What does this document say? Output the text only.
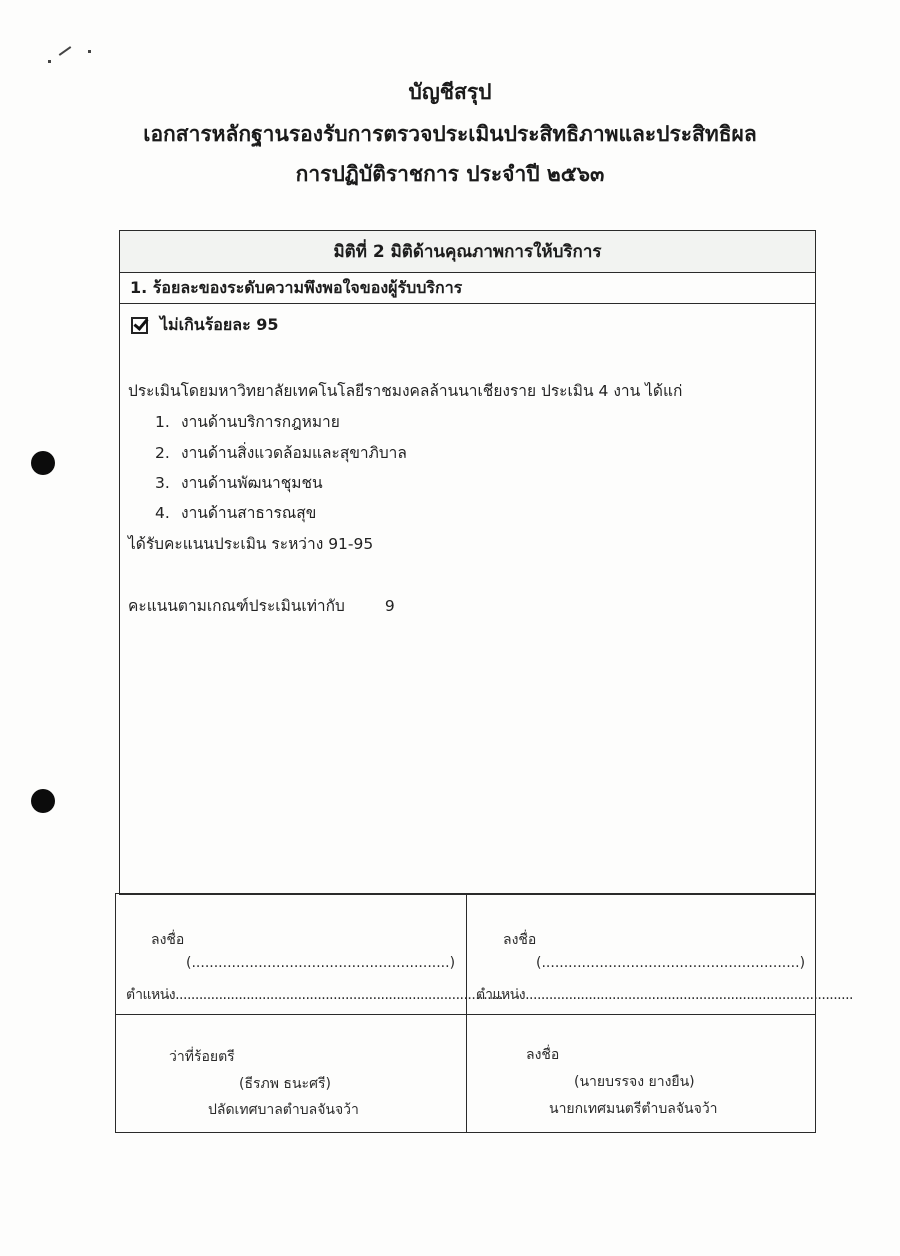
บัญชีสรุป
เอกสารหลักฐานรองรับการตรวจประเมินประสิทธิภาพและประสิทธิผล
การปฏิบัติราชการ ประจำปี ๒๕๖๓
มิติที่ 2 มิติด้านคุณภาพการให้บริการ
1. ร้อยละของระดับความพึงพอใจของผู้รับบริการ
ไม่เกินร้อยละ 95
ประเมินโดยมหาวิทยาลัยเทคโนโลยีราชมงคลล้านนาเชียงราย ประเมิน 4 งาน ได้แก่
1. งานด้านบริการกฎหมาย
2. งานด้านสิ่งแวดล้อมและสุขาภิบาล
3. งานด้านพัฒนาชุมชน
4. งานด้านสาธารณสุข
ได้รับคะแนนประเมิน ระหว่าง 91-95
คะแนนตามเกณฑ์ประเมินเท่ากับ	9
ลงชื่อ
(..........................................................)
ตำแหน่ง...................................................................................
ลงชื่อ
(..........................................................)
ตำแหน่ง...................................................................................
ว่าที่ร้อยตรี
(ธีรภพ ธนะศรี)
ปลัดเทศบาลตำบลจันจว้า
ลงชื่อ
(นายบรรจง ยางยืน)
นายกเทศมนตรีตำบลจันจว้า
